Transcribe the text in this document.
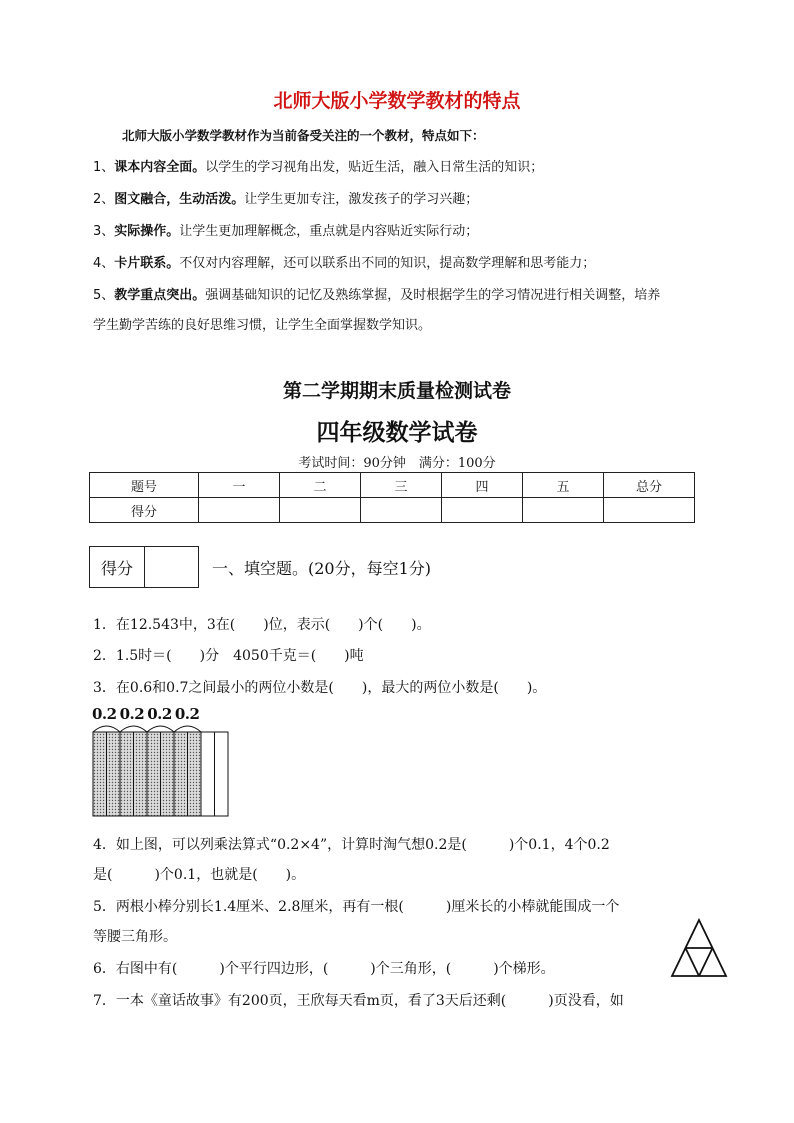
北师大版小学数学教材的特点
北师大版小学数学教材作为当前备受关注的一个教材，特点如下：
1、课本内容全面。以学生的学习视角出发，贴近生活，融入日常生活的知识；
2、图文融合，生动活泼。让学生更加专注，激发孩子的学习兴趣；
3、实际操作。让学生更加理解概念，重点就是内容贴近实际行动；
4、卡片联系。不仅对内容理解，还可以联系出不同的知识，提高数学理解和思考能力；
5、教学重点突出。强调基础知识的记忆及熟练掌握，及时根据学生的学习情况进行相关调整，培养
学生勤学苦练的良好思维习惯，让学生全面掌握数学知识。
第二学期期末质量检测试卷
四年级数学试卷
考试时间：90分钟　满分：100分
题号	一	二	三	四	五	总分
得分						
得分	一、填空题。(20分，每空1分)
1．在12.543中，3在(　　)位，表示(　　)个(　　)。
2．1.5时＝(　　)分　4050千克＝(　　)吨
3．在0.6和0.7之间最小的两位小数是(　　)，最大的两位小数是(　　)。
0.2 0.2 0.2 0.2
4．如上图，可以列乘法算式“0.2×4”，计算时淘气想0.2是(　　　)个0.1，4个0.2
是(　　　)个0.1，也就是(　　)。
5．两根小棒分别长1.4厘米、2.8厘米，再有一根(　　　)厘米长的小棒就能围成一个
等腰三角形。
6．右图中有(　　　)个平行四边形，(　　　)个三角形，(　　　)个梯形。
7．一本《童话故事》有200页，王欣每天看m页，看了3天后还剩(　　　)页没看，如
